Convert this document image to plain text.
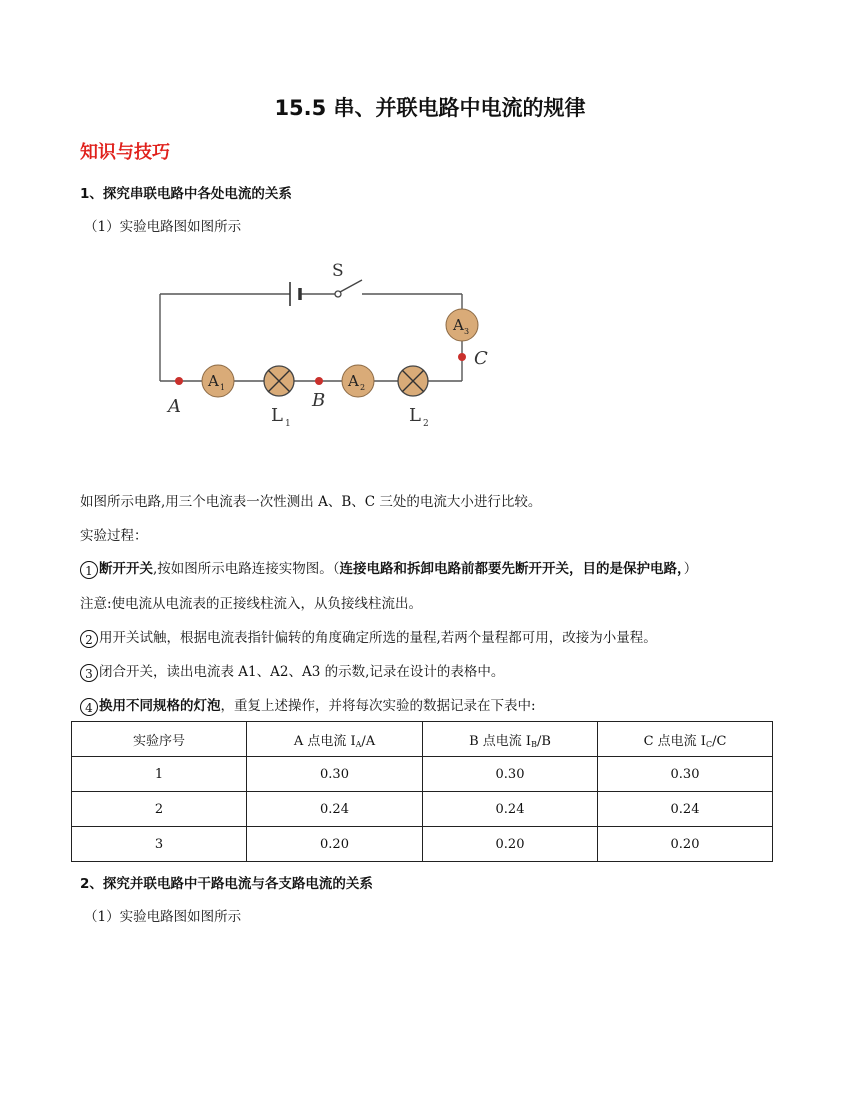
15.5 串、并联电路中电流的规律
知识与技巧
1、探究串联电路中各处电流的关系
（1）实验电路图如图所示
S
A 3
A 1	A 2
A	B
C
L 1	L 2
如图所示电路,用三个电流表一次性测出 A、B、C 三处的电流大小进行比较。
实验过程：
1 断开开关,按如图所示电路连接实物图。（连接电路和拆卸电路前都要先断开开关，目的是保护电路，）
注意:使电流从电流表的正接线柱流入，从负接线柱流出。
2 用开关试触，根据电流表指针偏转的角度确定所选的量程,若两个量程都可用，改接为小量程。
3 闭合开关，读出电流表 A1、A2、A3 的示数,记录在设计的表格中。
4 换用不同规格的灯泡，重复上述操作，并将每次实验的数据记录在下表中:
实验序号	A 点电流 $I_A/A$	B 点电流 $I_B/B$	C 点电流 $I_C/C$
1	0.30	0.30	0.30
2	0.24	0.24	0.24
3	0.20	0.20	0.20
2、探究并联电路中干路电流与各支路电流的关系
（1）实验电路图如图所示
